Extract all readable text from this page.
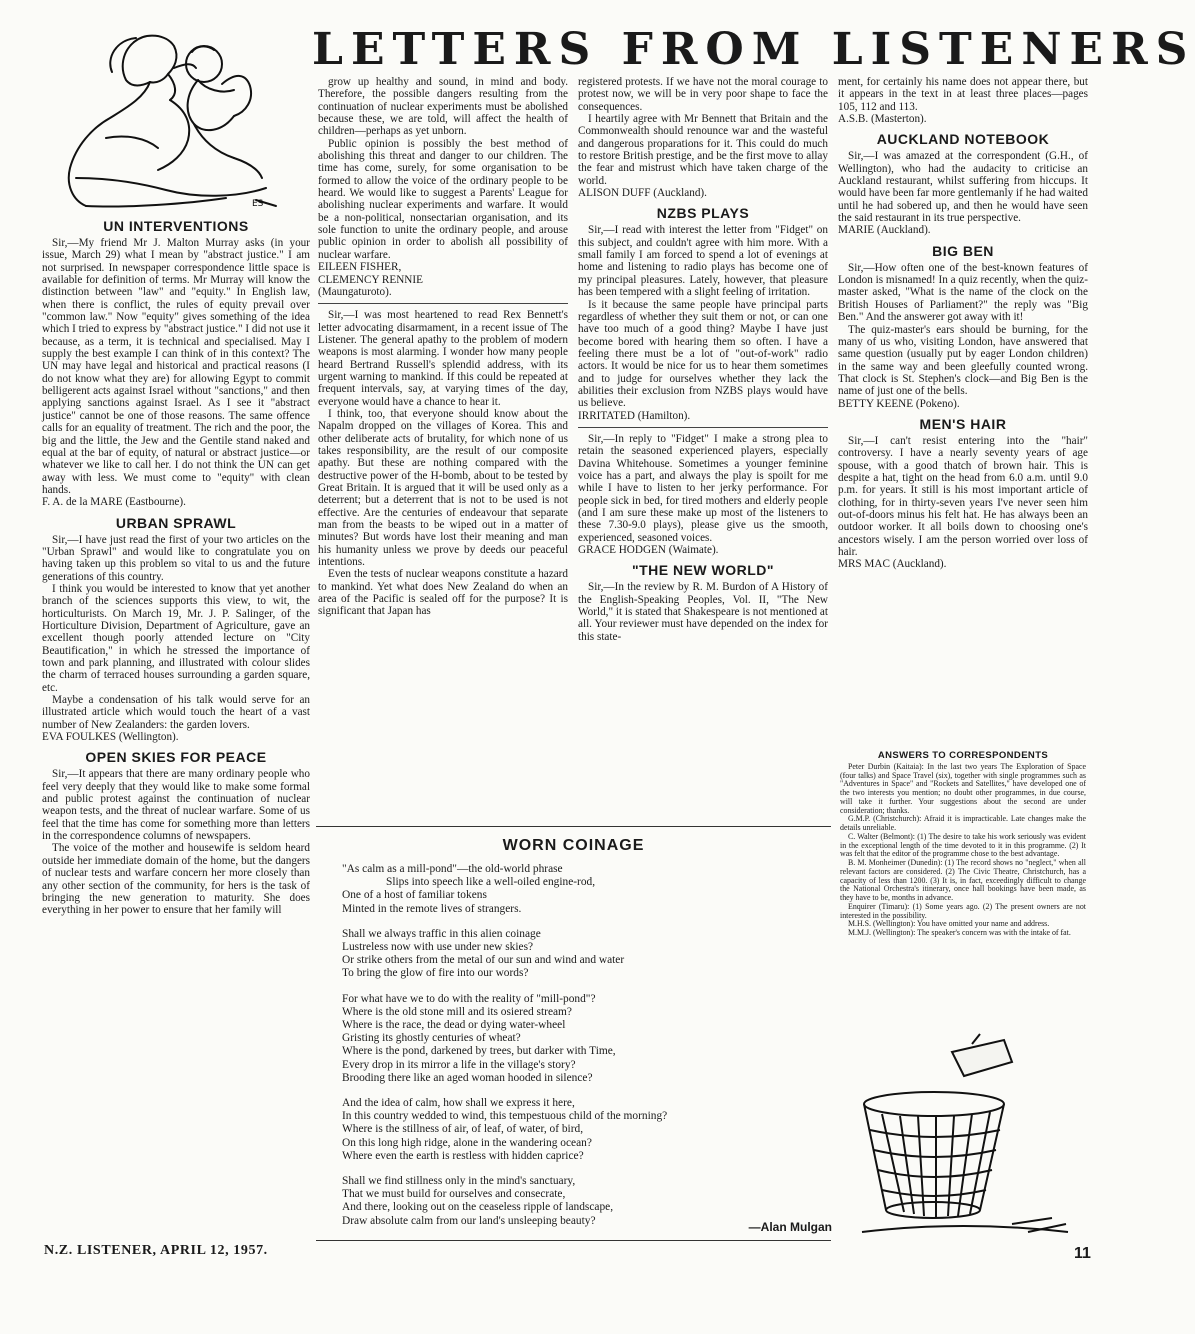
LETTERS FROM LISTENERS
ES
UN INTERVENTIONS

Sir,—My friend Mr J. Malton Murray asks (in your issue, March 29) what I mean by "abstract justice." I am not surprised. In newspaper correspondence little space is available for definition of terms. Mr Murray will know the distinction between "law" and "equity." In English law, when there is conflict, the rules of equity prevail over "common law." Now "equity" gives something of the idea which I tried to express by "abstract justice." I did not use it because, as a term, it is technical and specialised. May I supply the best example I can think of in this context? The UN may have legal and historical and practical reasons (I do not know what they are) for allowing Egypt to commit belligerent acts against Israel without "sanctions," and then applying sanctions against Israel. As I see it "abstract justice" cannot be one of those reasons. The same offence calls for an equality of treatment. The rich and the poor, the big and the little, the Jew and the Gentile stand naked and equal at the bar of equity, of natural or abstract justice—or whatever we like to call her. I do not think the UN can get away with less. We must come to "equity" with clean hands.

F. A. de la MARE (Eastbourne).

URBAN SPRAWL

Sir,—I have just read the first of your two articles on the "Urban Sprawl" and would like to congratulate you on having taken up this problem so vital to us and the future generations of this country.

I think you would be interested to know that yet another branch of the sciences supports this view, to wit, the horticulturists. On March 19, Mr. J. P. Salinger, of the Horticulture Division, Department of Agriculture, gave an excellent though poorly attended lecture on "City Beautification," in which he stressed the importance of town and park planning, and illustrated with colour slides the charm of terraced houses surrounding a garden square, etc.

Maybe a condensation of his talk would serve for an illustrated article which would touch the heart of a vast number of New Zealanders: the garden lovers.

EVA FOULKES (Wellington).

OPEN SKIES FOR PEACE

Sir,—It appears that there are many ordinary people who feel very deeply that they would like to make some formal and public protest against the continuation of nuclear weapon tests, and the threat of nuclear warfare. Some of us feel that the time has come for something more than letters in the correspondence columns of newspapers.

The voice of the mother and housewife is seldom heard outside her immediate domain of the home, but the dangers of nuclear tests and warfare concern her more closely than any other section of the community, for hers is the task of bringing the new generation to maturity. She does everything in her power to ensure that her family will

grow up healthy and sound, in mind and body. Therefore, the possible dangers resulting from the continuation of nuclear experiments must be abolished because these, we are told, will affect the health of children—perhaps as yet unborn.

Public opinion is possibly the best method of abolishing this threat and danger to our children. The time has come, surely, for some organisation to be formed to allow the voice of the ordinary people to be heard. We would like to suggest a Parents' League for abolishing nuclear experiments and warfare. It would be a non-political, nonsectarian organisation, and its sole function to unite the ordinary people, and arouse public opinion in order to abolish all possibility of nuclear warfare.

EILEEN FISHER,

CLEMENCY RENNIE

(Maungaturoto).

Sir,—I was most heartened to read Rex Bennett's letter advocating disarmament, in a recent issue of The Listener. The general apathy to the problem of modern weapons is most alarming. I wonder how many people heard Bertrand Russell's splendid address, with its urgent warning to mankind. If this could be repeated at frequent intervals, say, at varying times of the day, everyone would have a chance to hear it.

I think, too, that everyone should know about the Napalm dropped on the villages of Korea. This and other deliberate acts of brutality, for which none of us takes responsibility, are the result of our composite apathy. But these are nothing compared with the destructive power of the H-bomb, about to be tested by Great Britain. It is argued that it will be used only as a deterrent; but a deterrent that is not to be used is not effective. Are the centuries of endeavour that separate man from the beasts to be wiped out in a matter of minutes? But words have lost their meaning and man his humanity unless we prove by deeds our peaceful intentions.

Even the tests of nuclear weapons constitute a hazard to mankind. Yet what does New Zealand do when an area of the Pacific is sealed off for the purpose? It is significant that Japan has

registered protests. If we have not the moral courage to protest now, we will be in very poor shape to face the consequences.

I heartily agree with Mr Bennett that Britain and the Commonwealth should renounce war and the wasteful and dangerous proparations for it. This could do much to restore British prestige, and be the first move to allay the fear and mistrust which have taken charge of the world.

ALISON DUFF (Auckland).

NZBS PLAYS

Sir,—I read with interest the letter from "Fidget" on this subject, and couldn't agree with him more. With a small family I am forced to spend a lot of evenings at home and listening to radio plays has become one of my principal pleasures. Lately, however, that pleasure has been tempered with a slight feeling of irritation.

Is it because the same people have principal parts regardless of whether they suit them or not, or can one have too much of a good thing? Maybe I have just become bored with hearing them so often. I have a feeling there must be a lot of "out-of-work" radio actors. It would be nice for us to hear them sometimes and to judge for ourselves whether they lack the abilities their exclusion from NZBS plays would have us believe.

IRRITATED (Hamilton).

Sir,—In reply to "Fidget" I make a strong plea to retain the seasoned experienced players, especially Davina Whitehouse. Sometimes a younger feminine voice has a part, and always the play is spoilt for me while I have to listen to her jerky performance. For people sick in bed, for tired mothers and elderly people (and I am sure these make up most of the listeners to these 7.30-9.0 plays), please give us the smooth, experienced, seasoned voices.

GRACE HODGEN (Waimate).

"THE NEW WORLD"

Sir,—In the review by R. M. Burdon of A History of the English-Speaking Peoples, Vol. II, "The New World," it is stated that Shakespeare is not mentioned at all. Your reviewer must have depended on the index for this state-

ment, for certainly his name does not appear there, but it appears in the text in at least three places—pages 105, 112 and 113.

A.S.B. (Masterton).

AUCKLAND NOTEBOOK

Sir,—I was amazed at the correspondent (G.H., of Wellington), who had the audacity to criticise an Auckland restaurant, whilst suffering from hiccups. It would have been far more gentlemanly if he had waited until he had sobered up, and then he would have seen the said restaurant in its true perspective.

MARIE (Auckland).

BIG BEN

Sir,—How often one of the best-known features of London is misnamed! In a quiz recently, when the quiz-master asked, "What is the name of the clock on the British Houses of Parliament?" the reply was "Big Ben." And the answerer got away with it!

The quiz-master's ears should be burning, for the many of us who, visiting London, have answered that same question (usually put by eager London children) in the same way and been gleefully counted wrong. That clock is St. Stephen's clock—and Big Ben is the name of just one of the bells.

BETTY KEENE (Pokeno).

MEN'S HAIR

Sir,—I can't resist entering into the "hair" controversy. I have a nearly seventy years of age spouse, with a good thatch of brown hair. This is despite a hat, tight on the head from 6.0 a.m. until 9.0 p.m. for years. It still is his most important article of clothing, for in thirty-seven years I've never seen him out-of-doors minus his felt hat. He has always been an outdoor worker. It all boils down to choosing one's ancestors wisely. I am the person worried over loss of hair.

MRS MAC (Auckland).

ANSWERS TO CORRESPONDENTS

Peter Durbin (Kaitaia): In the last two years The Exploration of Space (four talks) and Space Travel (six), together with single programmes such as "Adventures in Space" and "Rockets and Satellites," have developed one of the two interests you mention; no doubt other programmes, in due course, will take it further. Your suggestions about the second are under consideration; thanks.

G.M.P. (Christchurch): Afraid it is impracticable. Late changes make the details unreliable.

C. Walter (Belmont): (1) The desire to take his work seriously was evident in the exceptional length of the time devoted to it in this programme. (2) It was felt that the editor of the programme chose to the best advantage.

B. M. Monheimer (Dunedin): (1) The record shows no "neglect," when all relevant factors are considered. (2) The Civic Theatre, Christchurch, has a capacity of less than 1200. (3) It is, in fact, exceedingly difficult to change the National Orchestra's itinerary, once hall bookings have been made, as they have to be, months in advance.

Enquirer (Timaru): (1) Some years ago. (2) The present owners are not interested in the possibility.

M.H.S. (Wellington): You have omitted your name and address.

M.M.J. (Wellington): The speaker's concern was with the intake of fat.

WORN COINAGE
"As calm as a mill-pond"—the old-world phrase
Slips into speech like a well-oiled engine-rod,
One of a host of familiar tokens
Minted in the remote lives of strangers.
Shall we always traffic in this alien coinage
Lustreless now with use under new skies?
Or strike others from the metal of our sun and wind and water
To bring the glow of fire into our words?
For what have we to do with the reality of "mill-pond"?
Where is the old stone mill and its osiered stream?
Where is the race, the dead or dying water-wheel
Gristing its ghostly centuries of wheat?
Where is the pond, darkened by trees, but darker with Time,
Every drop in its mirror a life in the village's story?
Brooding there like an aged woman hooded in silence?
And the idea of calm, how shall we express it here,
In this country wedded to wind, this tempestuous child of the morning?
Where is the stillness of air, of leaf, of water, of bird,
On this long high ridge, alone in the wandering ocean?
Where even the earth is restless with hidden caprice?
Shall we find stillness only in the mind's sanctuary,
That we must build for ourselves and consecrate,
And there, looking out on the ceaseless ripple of landscape,
Draw absolute calm from our land's unsleeping beauty?	—Alan Mulgan
N.Z. LISTENER, APRIL 12, 1957.	11
